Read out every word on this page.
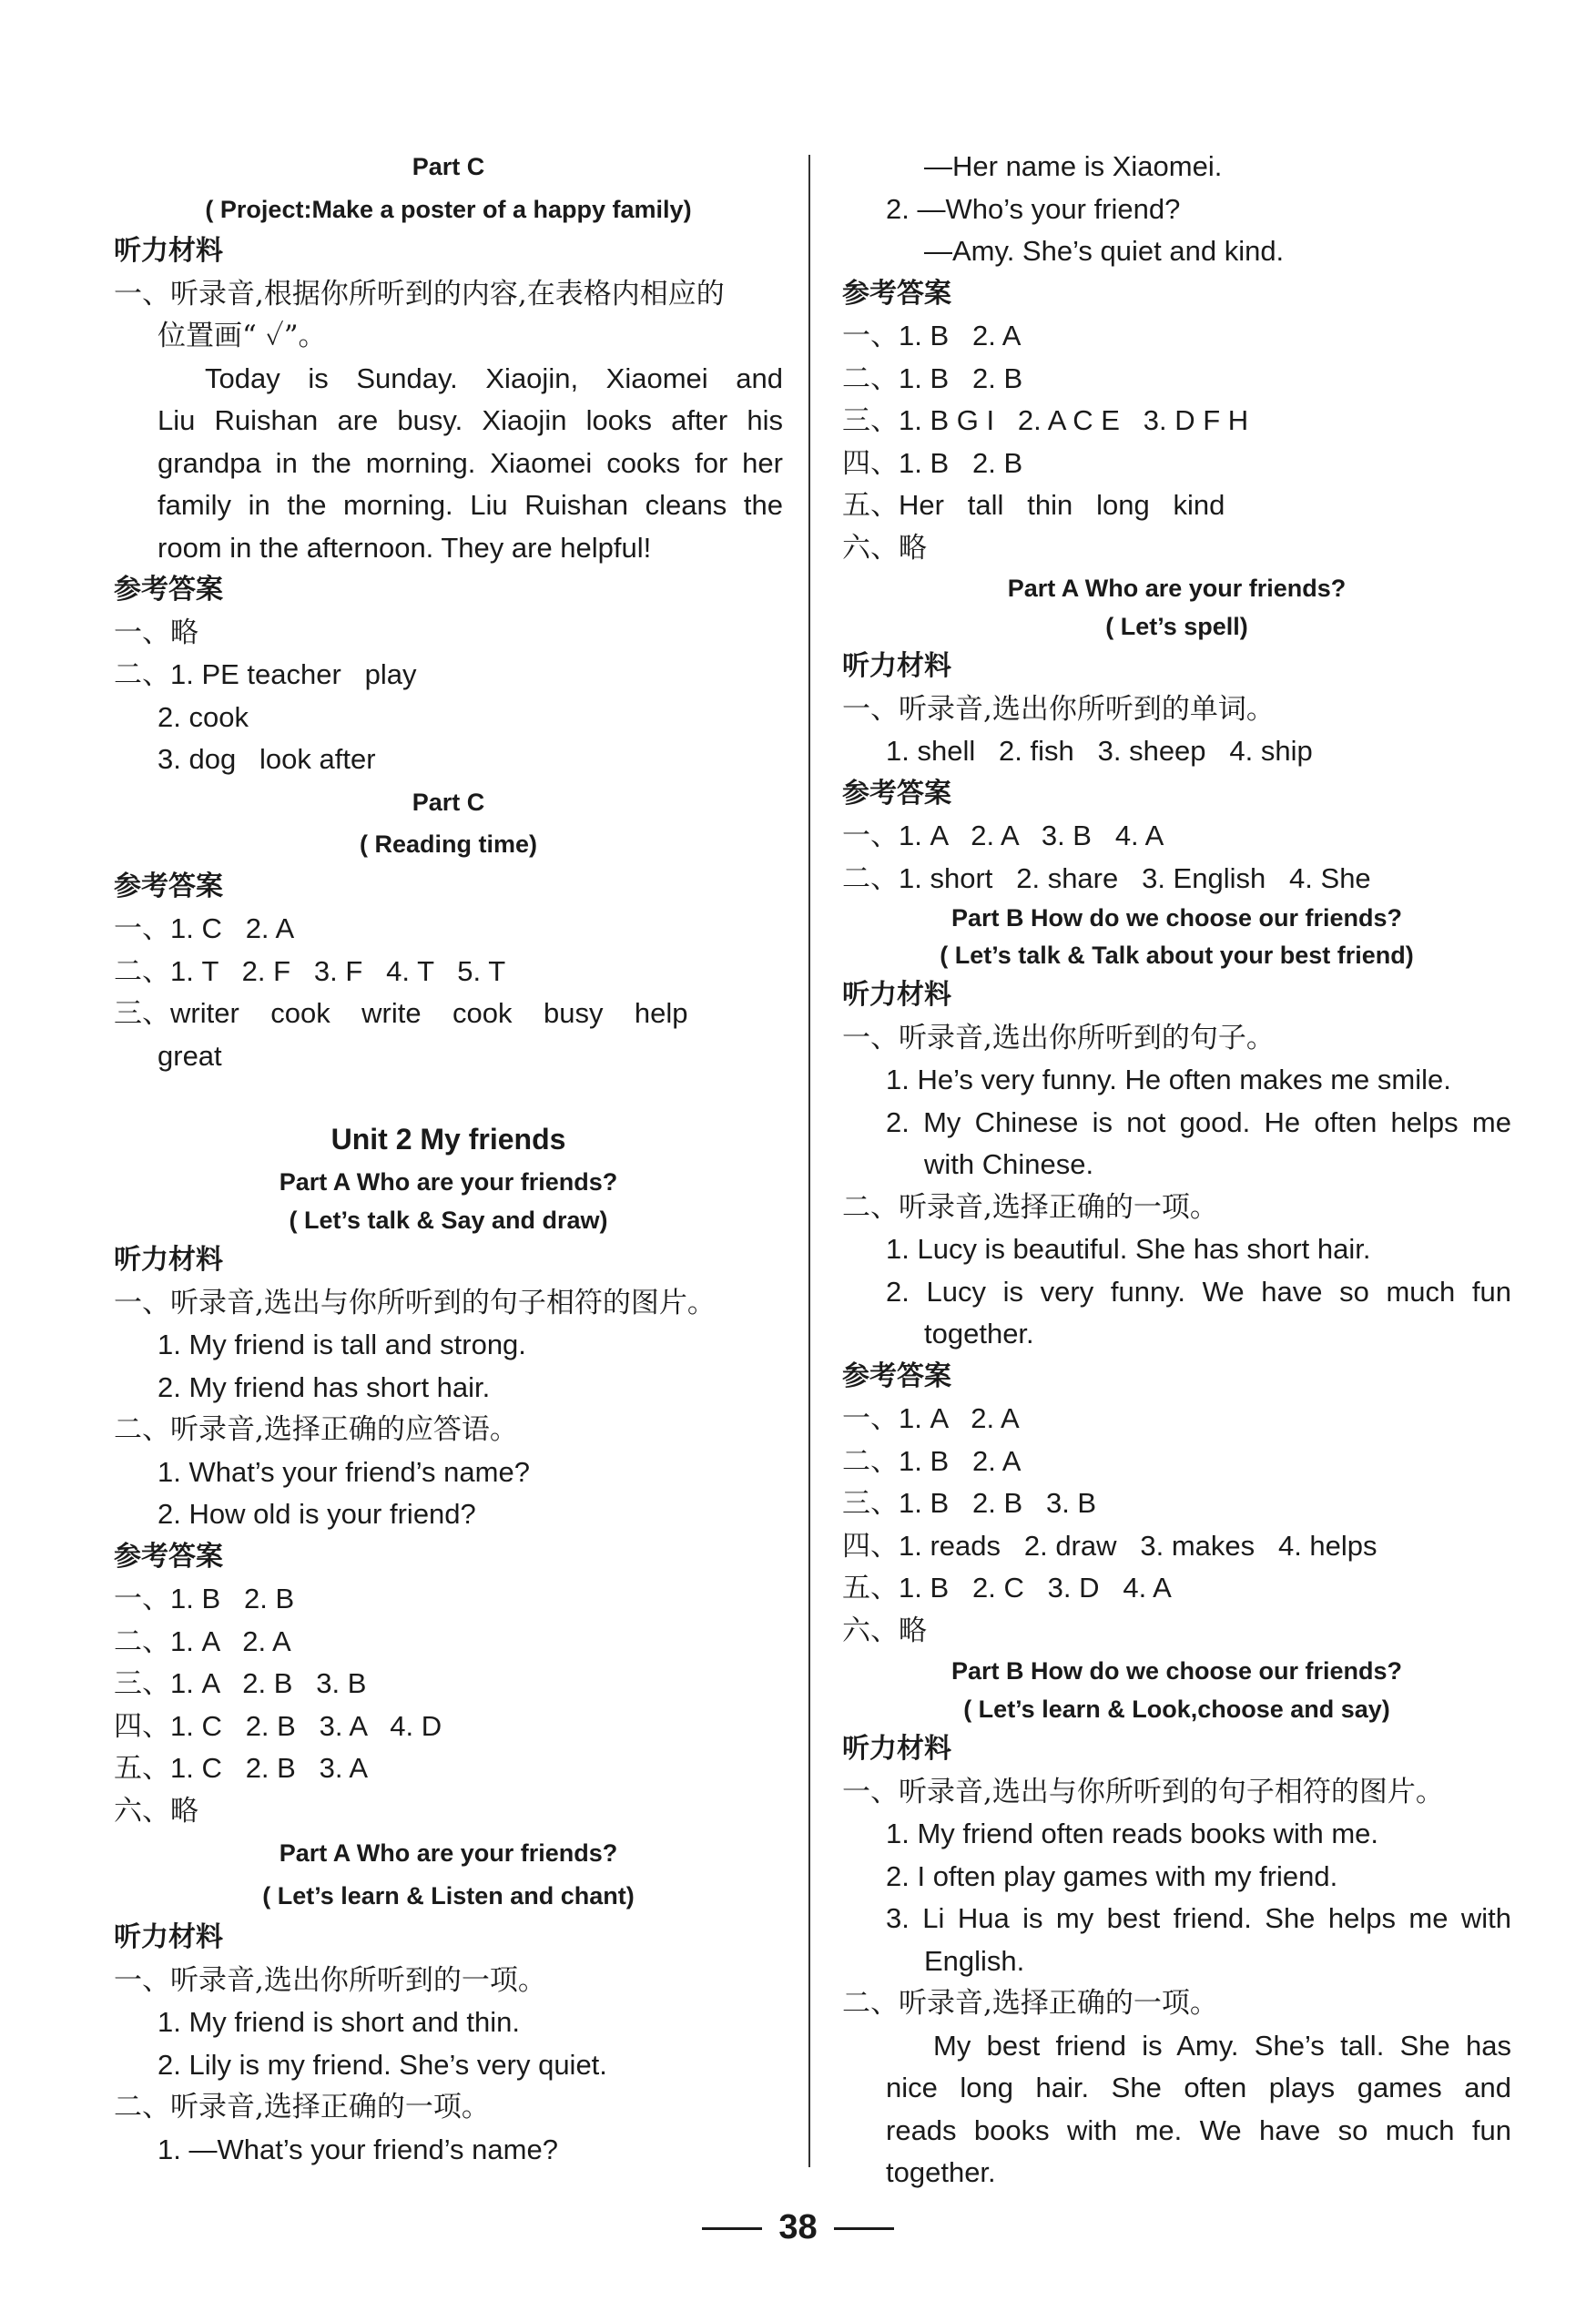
Part C
( Project:Make a poster of a happy family)
听力材料
一、听录音,根据你所听到的内容,在表格内相应的
位置画“ ✓”。
Today is Sunday. Xiaojin, Xiaomei and
Liu Ruishan are busy. Xiaojin looks after his
grandpa in the morning. Xiaomei cooks for her
family in the morning. Liu Ruishan cleans the
room in the afternoon. They are helpful!
参考答案
一、略
二、1. PE teacher   play
2. cook
3. dog   look after
Part C
( Reading time)
参考答案
一、1. C   2. A
二、1. T   2. F   3. F   4. T   5. T
三、writer    cook    write    cook    busy    help
great
Unit 2 My friends
Part A Who are your friends?
( Let’s talk & Say and draw)
听力材料
一、听录音,选出与你所听到的句子相符的图片。
1. My friend is tall and strong.
2. My friend has short hair.
二、听录音,选择正确的应答语。
1. What’s your friend’s name?
2. How old is your friend?
参考答案
一、1. B   2. B
二、1. A   2. A
三、1. A   2. B   3. B
四、1. C   2. B   3. A   4. D
五、1. C   2. B   3. A
六、略
Part A Who are your friends?
( Let’s learn & Listen and chant)
听力材料
一、听录音,选出你所听到的一项。
1. My friend is short and thin.
2. Lily is my friend. She’s very quiet.
二、听录音,选择正确的一项。
1. —What’s your friend’s name?
—Her name is Xiaomei.
2. —Who’s your friend?
—Amy. She’s quiet and kind.
参考答案
一、1. B   2. A
二、1. B   2. B
三、1. B G I   2. A C E   3. D F H
四、1. B   2. B
五、Her   tall   thin   long   kind
六、略
Part A Who are your friends?
( Let’s spell)
听力材料
一、听录音,选出你所听到的单词。
1. shell   2. fish   3. sheep   4. ship
参考答案
一、1. A   2. A   3. B   4. A
二、1. short   2. share   3. English   4. She
Part B How do we choose our friends?
( Let’s talk & Talk about your best friend)
听力材料
一、听录音,选出你所听到的句子。
1. He’s very funny. He often makes me smile.
2. My Chinese is not good. He often helps me
with Chinese.
二、听录音,选择正确的一项。
1. Lucy is beautiful. She has short hair.
2. Lucy is very funny. We have so much fun
together.
参考答案
一、1. A   2. A
二、1. B   2. A
三、1. B   2. B   3. B
四、1. reads   2. draw   3. makes   4. helps
五、1. B   2. C   3. D   4. A
六、略
Part B How do we choose our friends?
( Let’s learn & Look,choose and say)
听力材料
一、听录音,选出与你所听到的句子相符的图片。
1. My friend often reads books with me.
2. I often play games with my friend.
3. Li Hua is my best friend. She helps me with
English.
二、听录音,选择正确的一项。
My best friend is Amy. She’s tall. She has
nice long hair. She often plays games and
reads books with me. We have so much fun
together.
38
